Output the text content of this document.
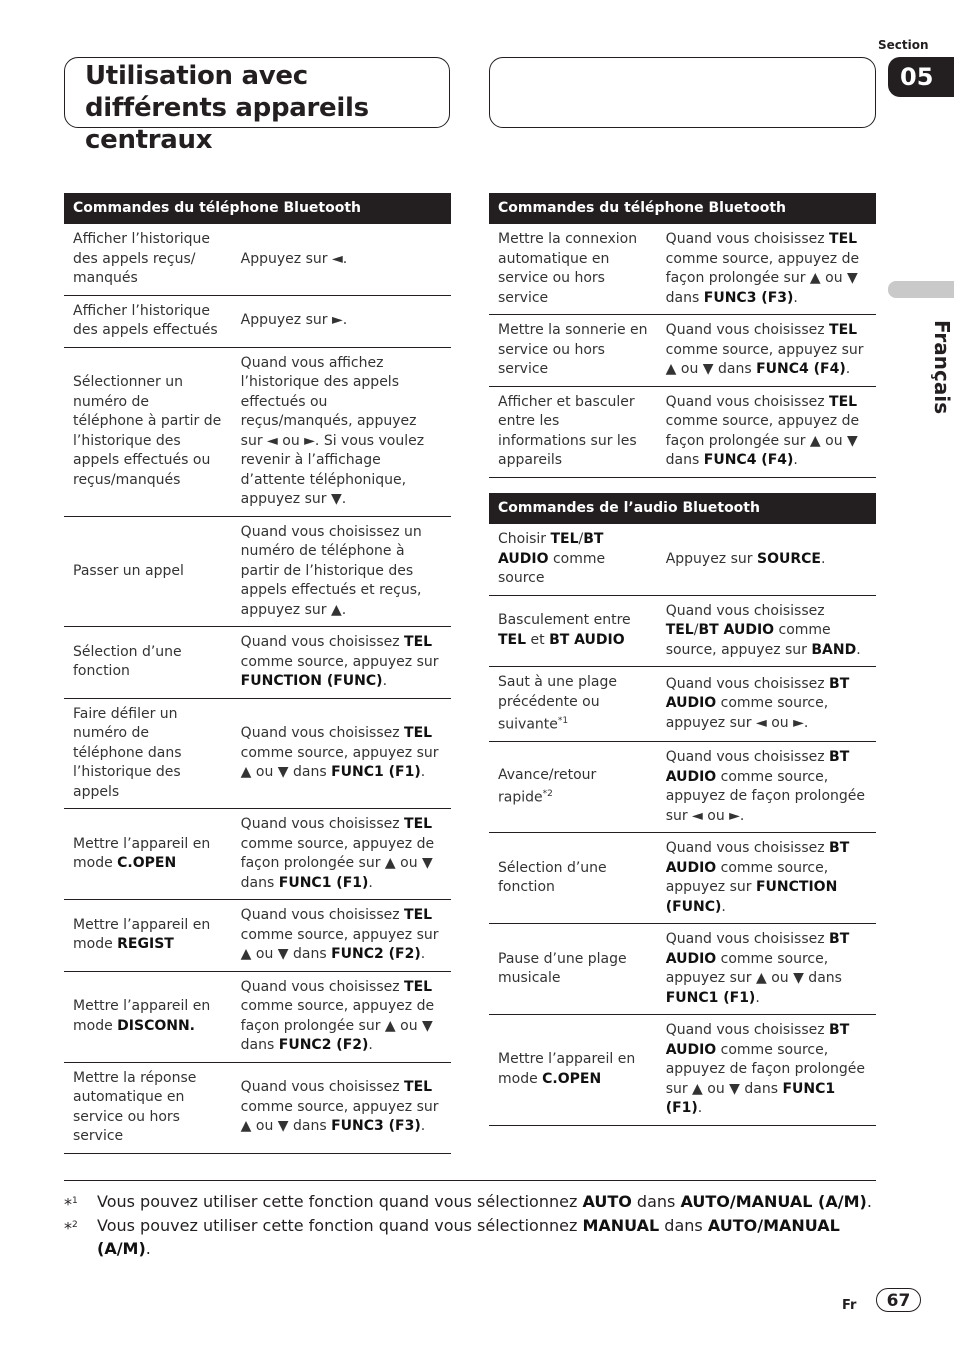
Utilisation avec différents appareils centraux
Section
05
Français
Commandes du téléphone Bluetooth	
Afficher l’historique des appels reçus/ manqués	Appuyez sur ◄.
Afficher l’historique des appels effectués	Appuyez sur ►.
Sélectionner un numéro de téléphone à partir de l’historique des appels effectués ou reçus/manqués	Quand vous affichez l’historique des appels effectués ou reçus/manqués, appuyez sur ◄ ou ►. Si vous voulez revenir à l’affichage d’attente téléphonique, appuyez sur ▼.
Passer un appel	Quand vous choisissez un numéro de téléphone à partir de l’historique des appels effectués et reçus, appuyez sur ▲.
Sélection d’une fonction	Quand vous choisissez TEL comme source, appuyez sur FUNCTION (FUNC).
Faire défiler un numéro de téléphone dans l’historique des appels	Quand vous choisissez TEL comme source, appuyez sur ▲ ou ▼ dans FUNC1 (F1).
Mettre l’appareil en mode C.OPEN	Quand vous choisissez TEL comme source, appuyez de façon prolongée sur ▲ ou ▼ dans FUNC1 (F1).
Mettre l’appareil en mode REGIST	Quand vous choisissez TEL comme source, appuyez sur ▲ ou ▼ dans FUNC2 (F2).
Mettre l’appareil en mode DISCONN.	Quand vous choisissez TEL comme source, appuyez de façon prolongée sur ▲ ou ▼ dans FUNC2 (F2).
Mettre la réponse automatique en service ou hors service	Quand vous choisissez TEL comme source, appuyez sur ▲ ou ▼ dans FUNC3 (F3).
Commandes du téléphone Bluetooth	
Mettre la connexion automatique en service ou hors service	Quand vous choisissez TEL comme source, appuyez de façon prolongée sur ▲ ou ▼ dans FUNC3 (F3).
Mettre la sonnerie en service ou hors service	Quand vous choisissez TEL comme source, appuyez sur ▲ ou ▼ dans FUNC4 (F4).
Afficher et basculer entre les informations sur les appareils	Quand vous choisissez TEL comme source, appuyez de façon prolongée sur ▲ ou ▼ dans FUNC4 (F4).
Commandes de l’audio Bluetooth	
Choisir TEL/BT AUDIO comme source	Appuyez sur SOURCE.
Basculement entre TEL et BT AUDIO	Quand vous choisissez TEL/BT AUDIO comme source, appuyez sur BAND.
Saut à une plage précédente ou suivante$^{*1}$	Quand vous choisissez BT AUDIO comme source, appuyez sur ◄ ou ►.
Avance/retour rapide$^{*2}$	Quand vous choisissez BT AUDIO comme source, appuyez de façon prolongée sur ◄ ou ►.
Sélection d’une fonction	Quand vous choisissez BT AUDIO comme source, appuyez sur FUNCTION (FUNC).
Pause d’une plage musicale	Quand vous choisissez BT AUDIO comme source, appuyez sur ▲ ou ▼ dans FUNC1 (F1).
Mettre l’appareil en mode C.OPEN	Quand vous choisissez BT AUDIO comme source, appuyez de façon prolongée sur ▲ ou ▼ dans FUNC1 (F1).
*$^1$	Vous pouvez utiliser cette fonction quand vous sélectionnez AUTO dans AUTO/MANUAL (A/M).
*$^2$	Vous pouvez utiliser cette fonction quand vous sélectionnez MANUAL dans AUTO/MANUAL (A/M).
Fr	67
